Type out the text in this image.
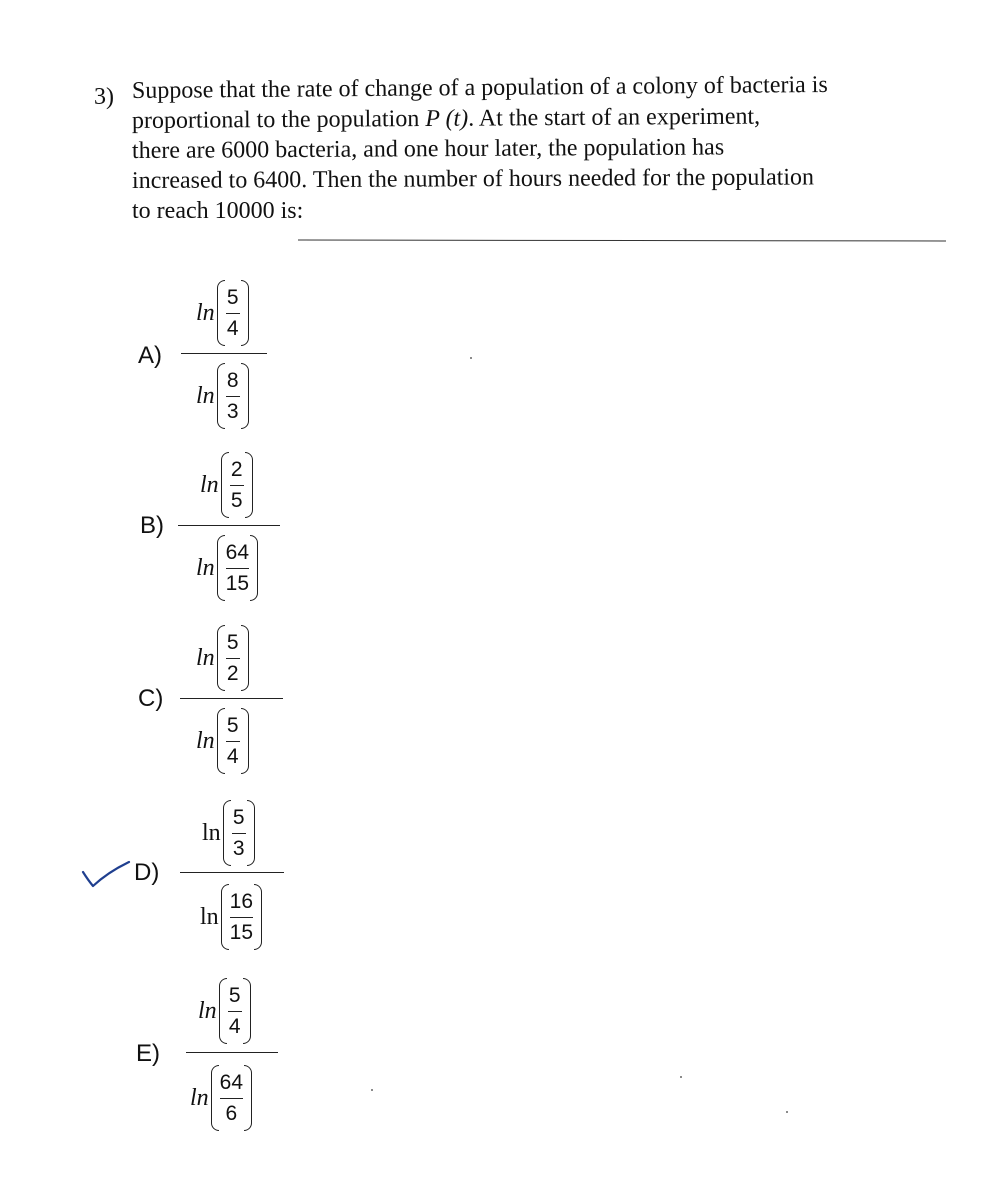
3) Suppose that the rate of change of a population of a colony of bacteria is
proportional to the population P (t). At the start of an experiment,
there are 6000 bacteria, and one hour later, the population has
increased to 6400. Then the number of hours needed for the population
to reach 10000 is:
A)
ln
5
4
ln
8
3
B)
ln
2
5
ln
64
15
C)
ln
5
2
ln
5
4
D)
ln
5
3
ln
16
15
E)
ln
5
4
ln
64
6
